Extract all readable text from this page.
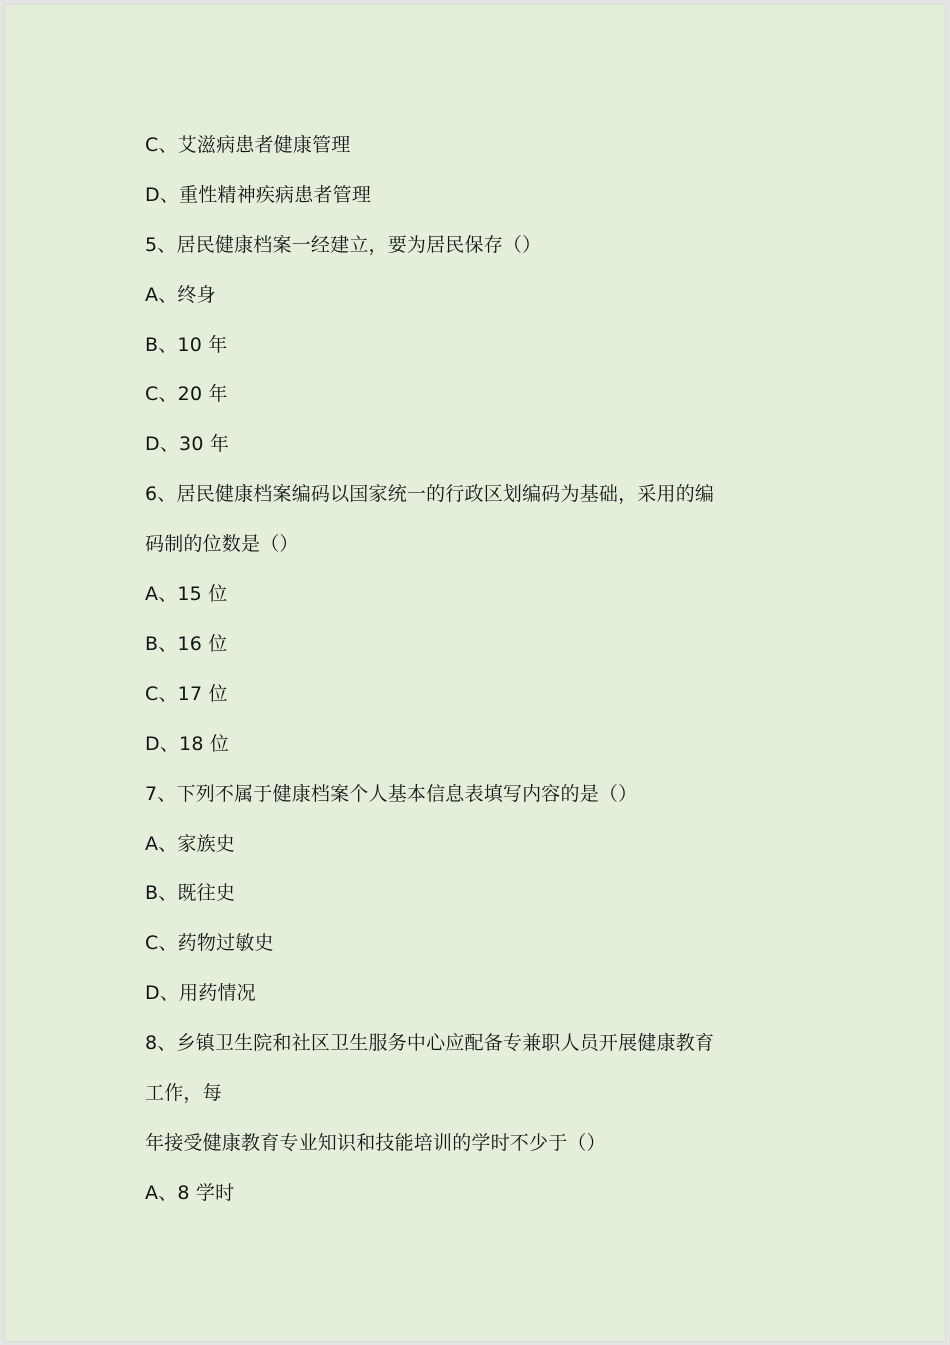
C、艾滋病患者健康管理
D、重性精神疾病患者管理
5、居民健康档案一经建立，要为居民保存（）
A、终身
B、10 年
C、20 年
D、30 年
6、居民健康档案编码以国家统一的行政区划编码为基础，采用的编
码制的位数是（）
A、15 位
B、16 位
C、17 位
D、18 位
7、下列不属于健康档案个人基本信息表填写内容的是（）
A、家族史
B、既往史
C、药物过敏史
D、用药情况
8、乡镇卫生院和社区卫生服务中心应配备专兼职人员开展健康教育
工作，每
年接受健康教育专业知识和技能培训的学时不少于（）
A、8 学时
